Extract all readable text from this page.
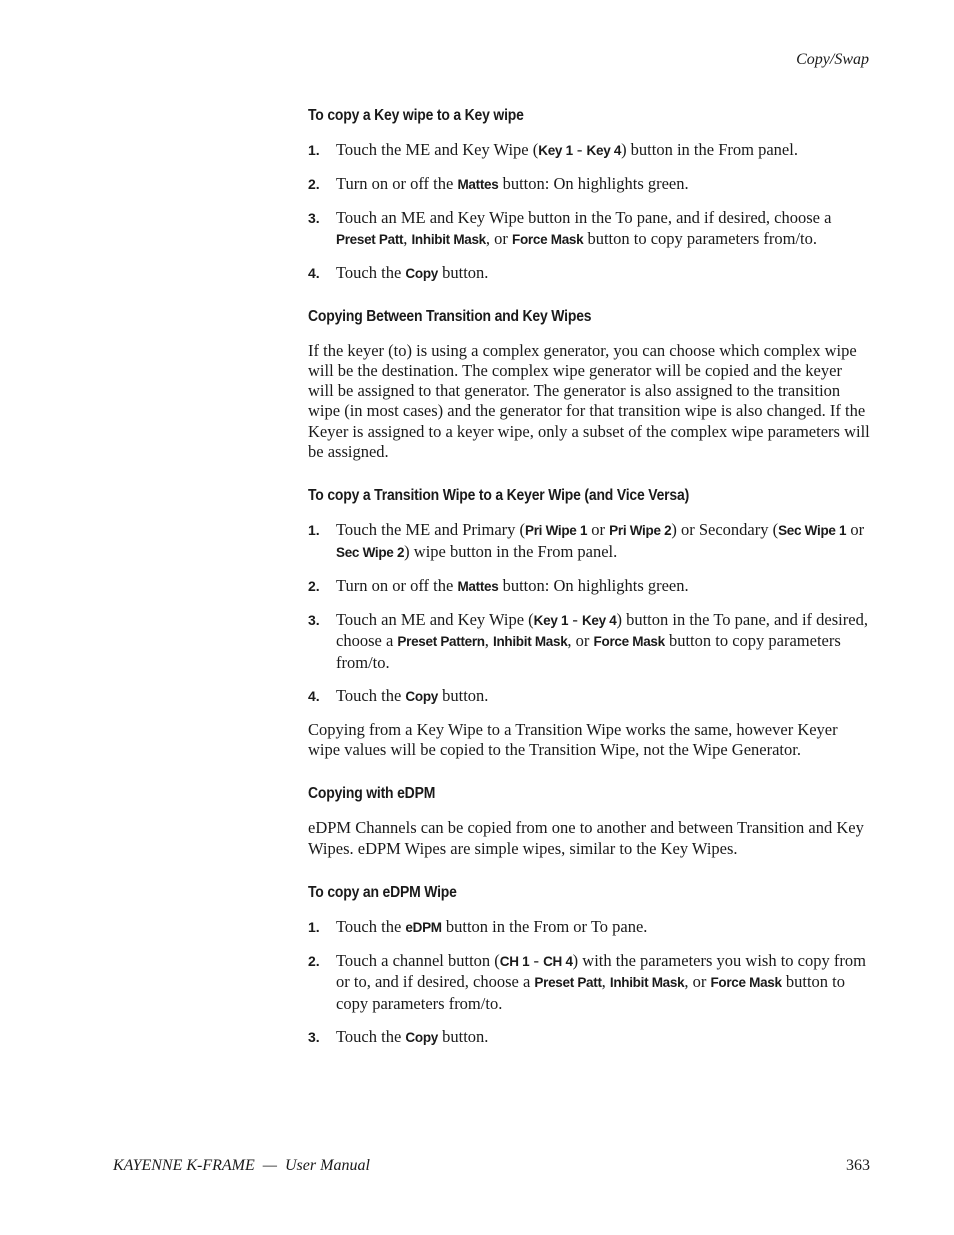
Copy/Swap
To copy a Key wipe to a Key wipe
1. Touch the ME and Key Wipe (Key 1 - Key 4) button in the From panel.
2. Turn on or off the Mattes button: On highlights green.
3. Touch an ME and Key Wipe button in the To pane, and if desired, choose a Preset Patt, Inhibit Mask, or Force Mask button to copy parameters from/to.
4. Touch the Copy button.
Copying Between Transition and Key Wipes

If the keyer (to) is using a complex generator, you can choose which complex wipe will be the destination. The complex wipe generator will be copied and the keyer will be assigned to that generator. The generator is also assigned to the transition wipe (in most cases) and the generator for that transition wipe is also changed. If the Keyer is assigned to a keyer wipe, only a subset of the complex wipe parameters will be assigned.

To copy a Transition Wipe to a Keyer Wipe (and Vice Versa)
1. Touch the ME and Primary (Pri Wipe 1 or Pri Wipe 2) or Secondary (Sec Wipe 1 or Sec Wipe 2) wipe button in the From panel.
2. Turn on or off the Mattes button: On highlights green.
3. Touch an ME and Key Wipe (Key 1 - Key 4) button in the To pane, and if desired, choose a Preset Pattern, Inhibit Mask, or Force Mask button to copy parameters from/to.
4. Touch the Copy button.

Copying from a Key Wipe to a Transition Wipe works the same, however Keyer wipe values will be copied to the Transition Wipe, not the Wipe Generator.

Copying with eDPM

eDPM Channels can be copied from one to another and between Transition and Key Wipes. eDPM Wipes are simple wipes, similar to the Key Wipes.

To copy an eDPM Wipe
1. Touch the eDPM button in the From or To pane.
2. Touch a channel button (CH 1 - CH 4) with the parameters you wish to copy from or to, and if desired, choose a Preset Patt, Inhibit Mask, or Force Mask button to copy parameters from/to.
3. Touch the Copy button.
KAYENNE K-FRAME  —  User Manual	363
